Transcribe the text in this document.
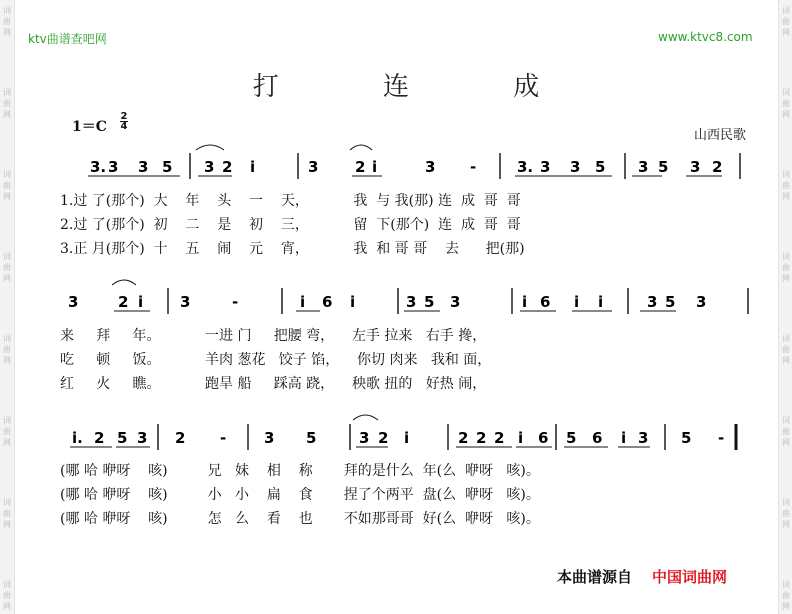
词
曲
网
词
曲
网
词
曲
网
词
曲
网
词
曲
网
词
曲
网
词
曲
网
词
曲
网
词
曲
网
词
曲
网
词
曲
网
词
曲
网
词
曲
网
词
曲
网
词
曲
网
词
曲
网
ktv曲谱查吧网	www.ktvc8.com
打 连 成
1＝C
2
4
山西民歌
3. 3 3 5 3 2 i	3 2 i	3 -	3. 3 3 5 3 5 3 2
3	2 i 3	-	i 6 i	3 5 3	i 6 i i	3 5 3
i. 2 5 3 2 -	3 5	3 2 i	2 2 2 i 6 5 6 i 3 5 -
1.过 了(那个)  大    年    头    一    天，          我  与 我(那) 连  成  哥  哥
2.过 了(那个)  初    二    是    初    三，          留  下(那个)  连  成  哥  哥
3.正 月(那个)  十    五    闹    元    宵，          我  和 哥 哥    去      把(那)
来     拜     年。          一进 门     把腰 弯，    左手 拉来   右手 搀，
吃     顿     饭。          羊肉 葱花   饺子 馅，    你切 肉来   我和 面，
红     火     瞧。          跑旱 船     踩高 跷，    秧歌 扭的   好热 闹，
(哪 哈 咿呀    咳)         兄   妹    相    称       拜的是什么  年(么  咿呀   咳)。
(哪 哈 咿呀    咳)         小   小    扁    食       捏了个两平  盘(么  咿呀   咳)。
(哪 哈 咿呀    咳)         怎   么    看    也       不如那哥哥  好(么  咿呀   咳)。
本曲谱源自 中国词曲网
